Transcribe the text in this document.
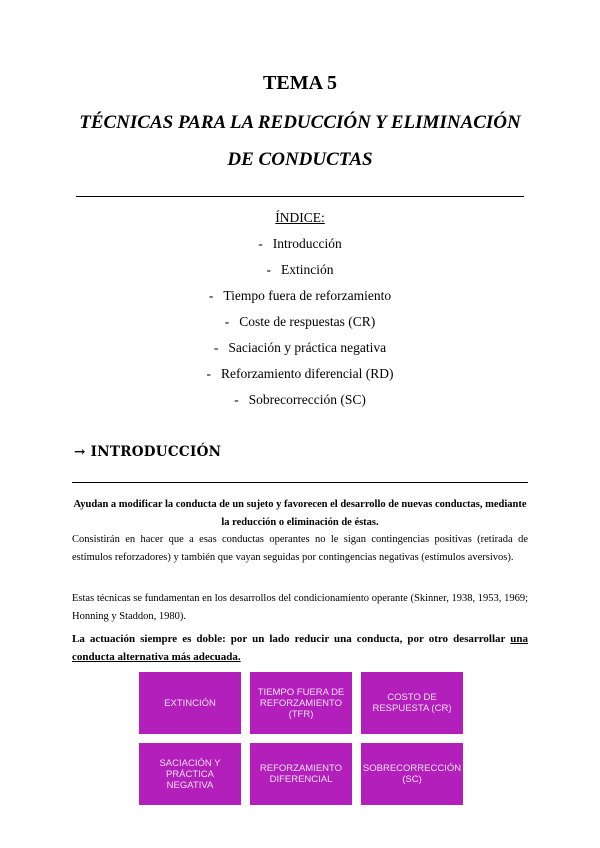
TEMA 5
TÉCNICAS PARA LA REDUCCIÓN Y ELIMINACIÓN DE CONDUCTAS
ÍNDICE:
- Introducción
- Extinción
- Tiempo fuera de reforzamiento
- Coste de respuestas (CR)
- Saciación y práctica negativa
- Reforzamiento diferencial (RD)
- Sobrecorrección (SC)
→ INTRODUCCIÓN
Ayudan a modificar la conducta de un sujeto y favorecen el desarrollo de nuevas conductas, mediante la reducción o eliminación de éstas.
Consistirán en hacer que a esas conductas operantes no le sigan contingencias positivas (retirada de estímulos reforzadores) y también que vayan seguidas por contingencias negativas (estímulos aversivos).
Estas técnicas se fundamentan en los desarrollos del condicionamiento operante (Skinner, 1938, 1953, 1969; Honning y Staddon, 1980).
La actuación siempre es doble: por un lado reducir una conducta, por otro desarrollar una conducta alternativa más adecuada.
EXTINCIÓN
TIEMPO FUERA DE REFORZAMIENTO (TFR)
COSTO DE RESPUESTA (CR)
SACIACIÓN Y PRÁCTICA NEGATIVA
REFORZAMIENTO DIFERENCIAL
SOBRECORRECCIÓN (SC)
